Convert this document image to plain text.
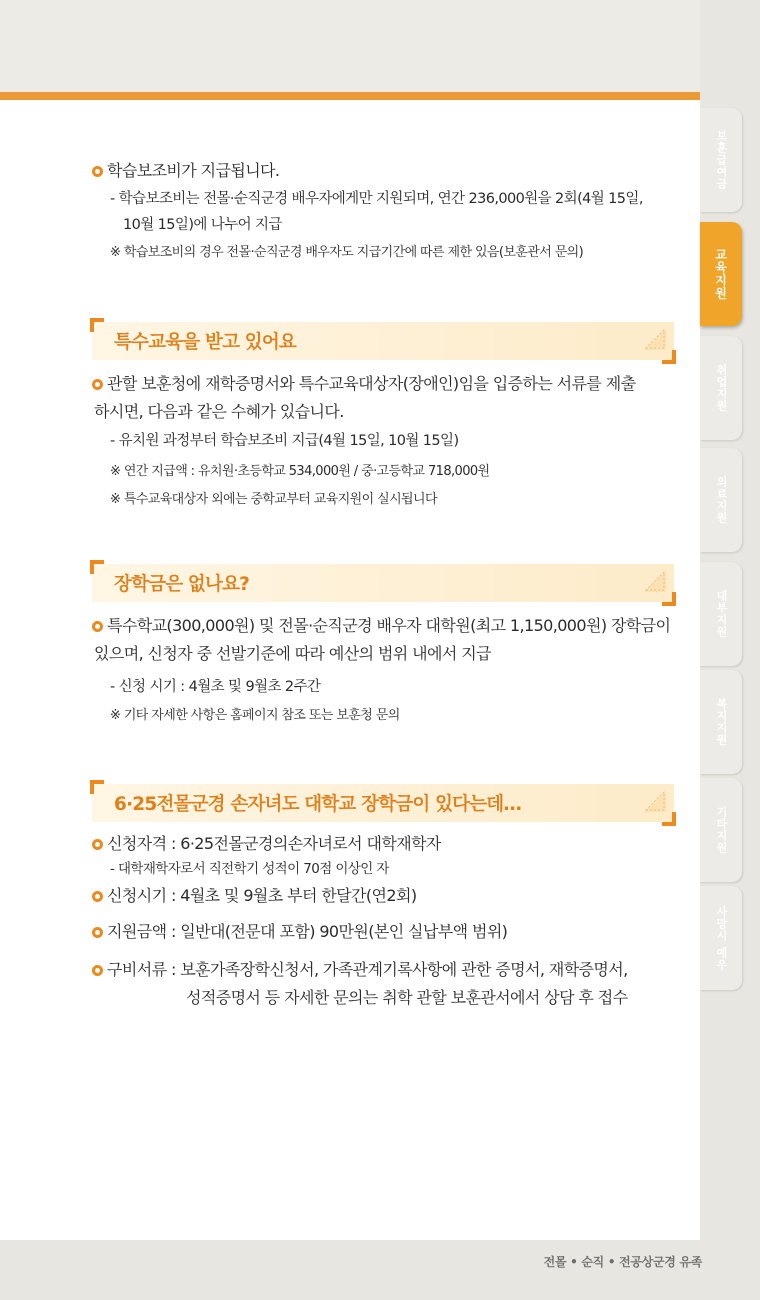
전몰 • 순직 • 전공상군경 유족
보훈급여금
교육지원
취업지원
의료지원
대부지원
복지지원
기타지원
사망시 예우
학습보조비가 지급됩니다.
- 학습보조비는 전몰·순직군경 배우자에게만 지원되며, 연간 236,000원을 2회(4월 15일,
10월 15일)에 나누어 지급
※ 학습보조비의 경우 전몰·순직군경 배우자도 지급기간에 따른 제한 있음(보훈관서 문의)
특수교육을 받고 있어요
관할 보훈청에 재학증명서와 특수교육대상자(장애인)임을 입증하는 서류를 제출
하시면, 다음과 같은 수혜가 있습니다.
- 유치원 과정부터 학습보조비 지급(4월 15일, 10월 15일)
※ 연간 지급액 : 유치원·초등학교 534,000원 / 중·고등학교 718,000원
※ 특수교육대상자 외에는 중학교부터 교육지원이 실시됩니다
장학금은 없나요?
특수학교(300,000원) 및 전몰·순직군경 배우자 대학원(최고 1,150,000원) 장학금이
있으며, 신청자 중 선발기준에 따라 예산의 범위 내에서 지급
- 신청 시기 : 4월초 및 9월초 2주간
※ 기타 자세한 사항은 홈페이지 참조 또는 보훈청 문의
6·25전몰군경 손자녀도 대학교 장학금이 있다는데…
신청자격 : 6·25전몰군경의손자녀로서 대학재학자
- 대학재학자로서 직전학기 성적이 70점 이상인 자
신청시기 : 4월초 및 9월초 부터 한달간(연2회)
지원금액 : 일반대(전문대 포함) 90만원(본인 실납부액 범위)
구비서류 : 보훈가족장학신청서, 가족관계기록사항에 관한 증명서, 재학증명서,
성적증명서 등 자세한 문의는 취학 관할 보훈관서에서 상담 후 접수
